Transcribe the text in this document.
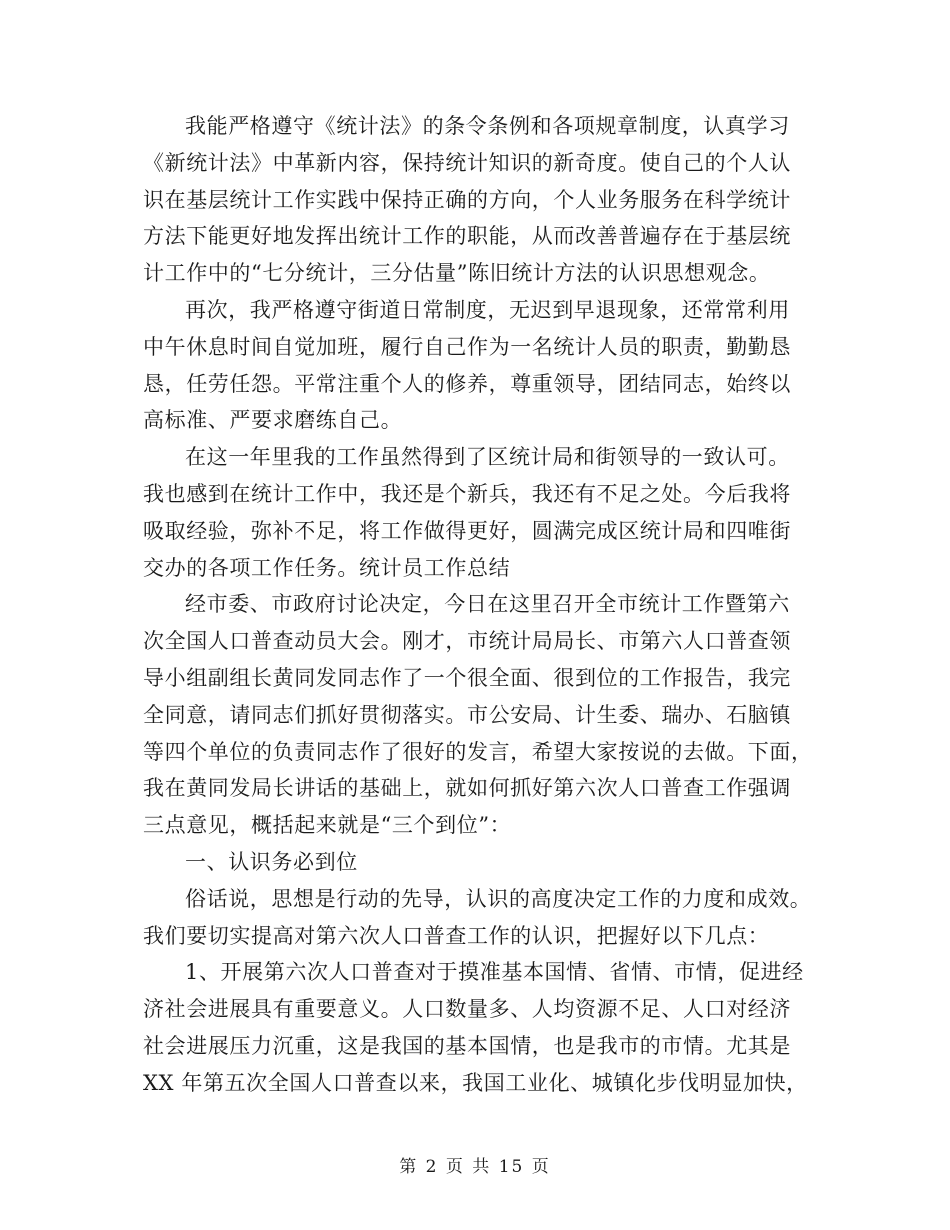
我能严格遵守《统计法》的条令条例和各项规章制度，认真学习
《新统计法》中革新内容，保持统计知识的新奇度。使自己的个人认
识在基层统计工作实践中保持正确的方向，个人业务服务在科学统计
方法下能更好地发挥出统计工作的职能，从而改善普遍存在于基层统
计工作中的“七分统计，三分估量”陈旧统计方法的认识思想观念。
再次，我严格遵守街道日常制度，无迟到早退现象，还常常利用
中午休息时间自觉加班，履行自己作为一名统计人员的职责，勤勤恳
恳，任劳任怨。平常注重个人的修养，尊重领导，团结同志，始终以
高标准、严要求磨练自己。
在这一年里我的工作虽然得到了区统计局和街领导的一致认可。
我也感到在统计工作中，我还是个新兵，我还有不足之处。今后我将
吸取经验，弥补不足，将工作做得更好，圆满完成区统计局和四唯街
交办的各项工作任务。统计员工作总结
经市委、市政府讨论决定，今日在这里召开全市统计工作暨第六
次全国人口普查动员大会。刚才，市统计局局长、市第六人口普查领
导小组副组长黄同发同志作了一个很全面、很到位的工作报告，我完
全同意，请同志们抓好贯彻落实。市公安局、计生委、瑞办、石脑镇
等四个单位的负责同志作了很好的发言，希望大家按说的去做。下面，
我在黄同发局长讲话的基础上，就如何抓好第六次人口普查工作强调
三点意见，概括起来就是“三个到位”：
一、认识务必到位
俗话说，思想是行动的先导，认识的高度决定工作的力度和成效。
我们要切实提高对第六次人口普查工作的认识，把握好以下几点：
1、开展第六次人口普查对于摸准基本国情、省情、市情，促进经
济社会进展具有重要意义。人口数量多、人均资源不足、人口对经济
社会进展压力沉重，这是我国的基本国情，也是我市的市情。尤其是
XX 年第五次全国人口普查以来，我国工业化、城镇化步伐明显加快，
第 2 页 共 15 页
